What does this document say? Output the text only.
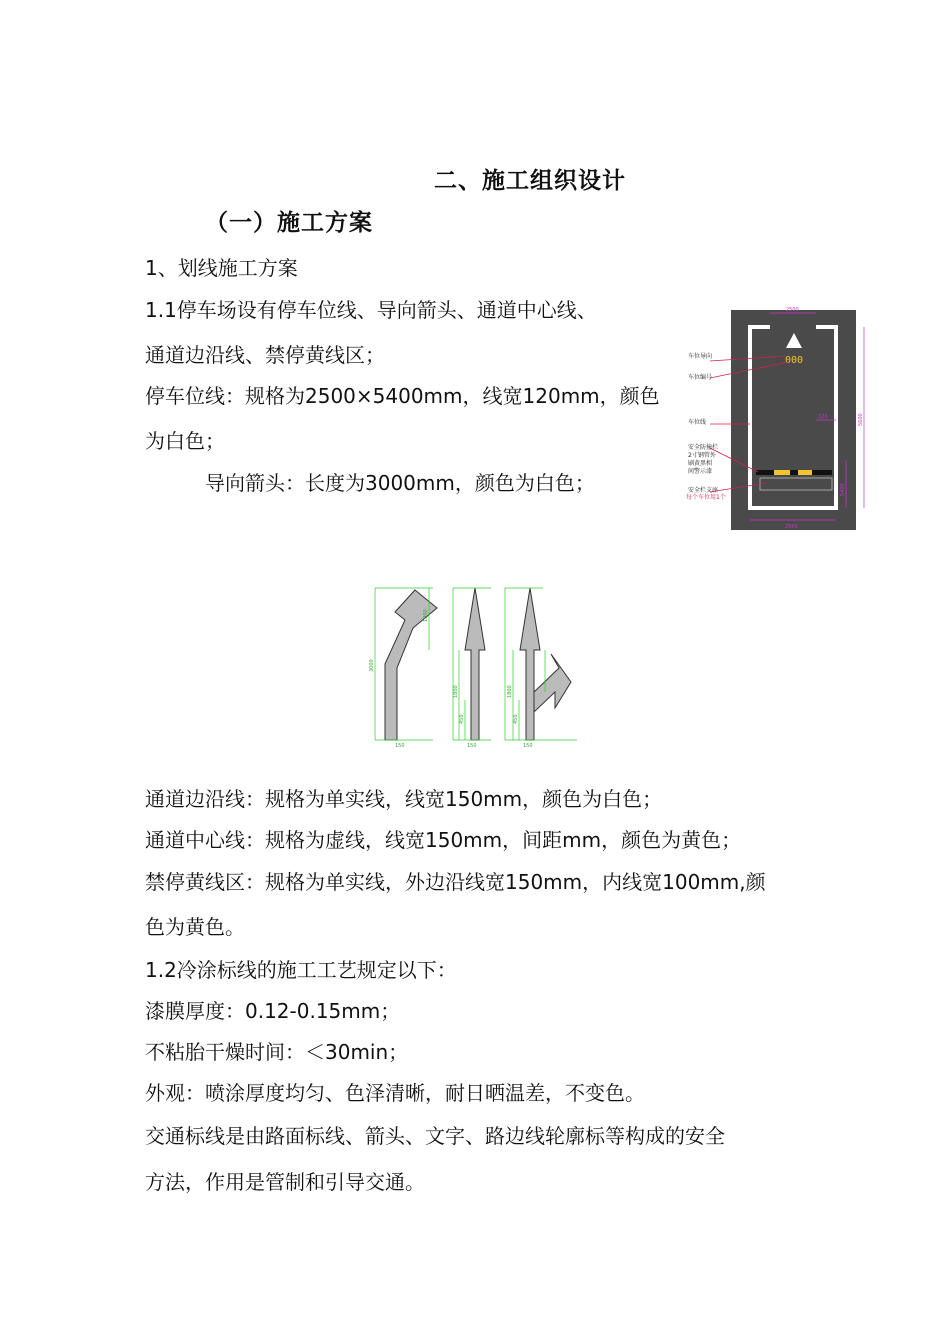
二、施工组织设计
（一）施工方案
1、划线施工方案
1.1停车场设有停车位线、导向箭头、通道中心线、
通道边沿线、禁停黄线区；
停车位线：规格为2500×5400mm，线宽120mm，颜色
为白色；
导向箭头：长度为3000mm，颜色为白色；
000
车位导向
车位编号
车位线
安全防撞栏
2寸钢管外
刷黄黑相
间警示漆
安全栏支座
每个车位用1个
2500
5600
2500
120
5400
3000
1000
1800
450
1800
450
150
150	150
通道边沿线：规格为单实线，线宽150mm，颜色为白色；
通道中心线：规格为虚线，线宽150mm，间距mm，颜色为黄色；
禁停黄线区：规格为单实线，外边沿线宽150mm，内线宽100mm,颜
色为黄色。
1.2冷涂标线的施工工艺规定以下：
漆膜厚度：0.12-0.15mm；
不粘胎干燥时间：＜30min；
外观：喷涂厚度均匀、色泽清晰，耐日晒温差，不变色。
交通标线是由路面标线、箭头、文字、路边线轮廓标等构成的安全
方法，作用是管制和引导交通。
